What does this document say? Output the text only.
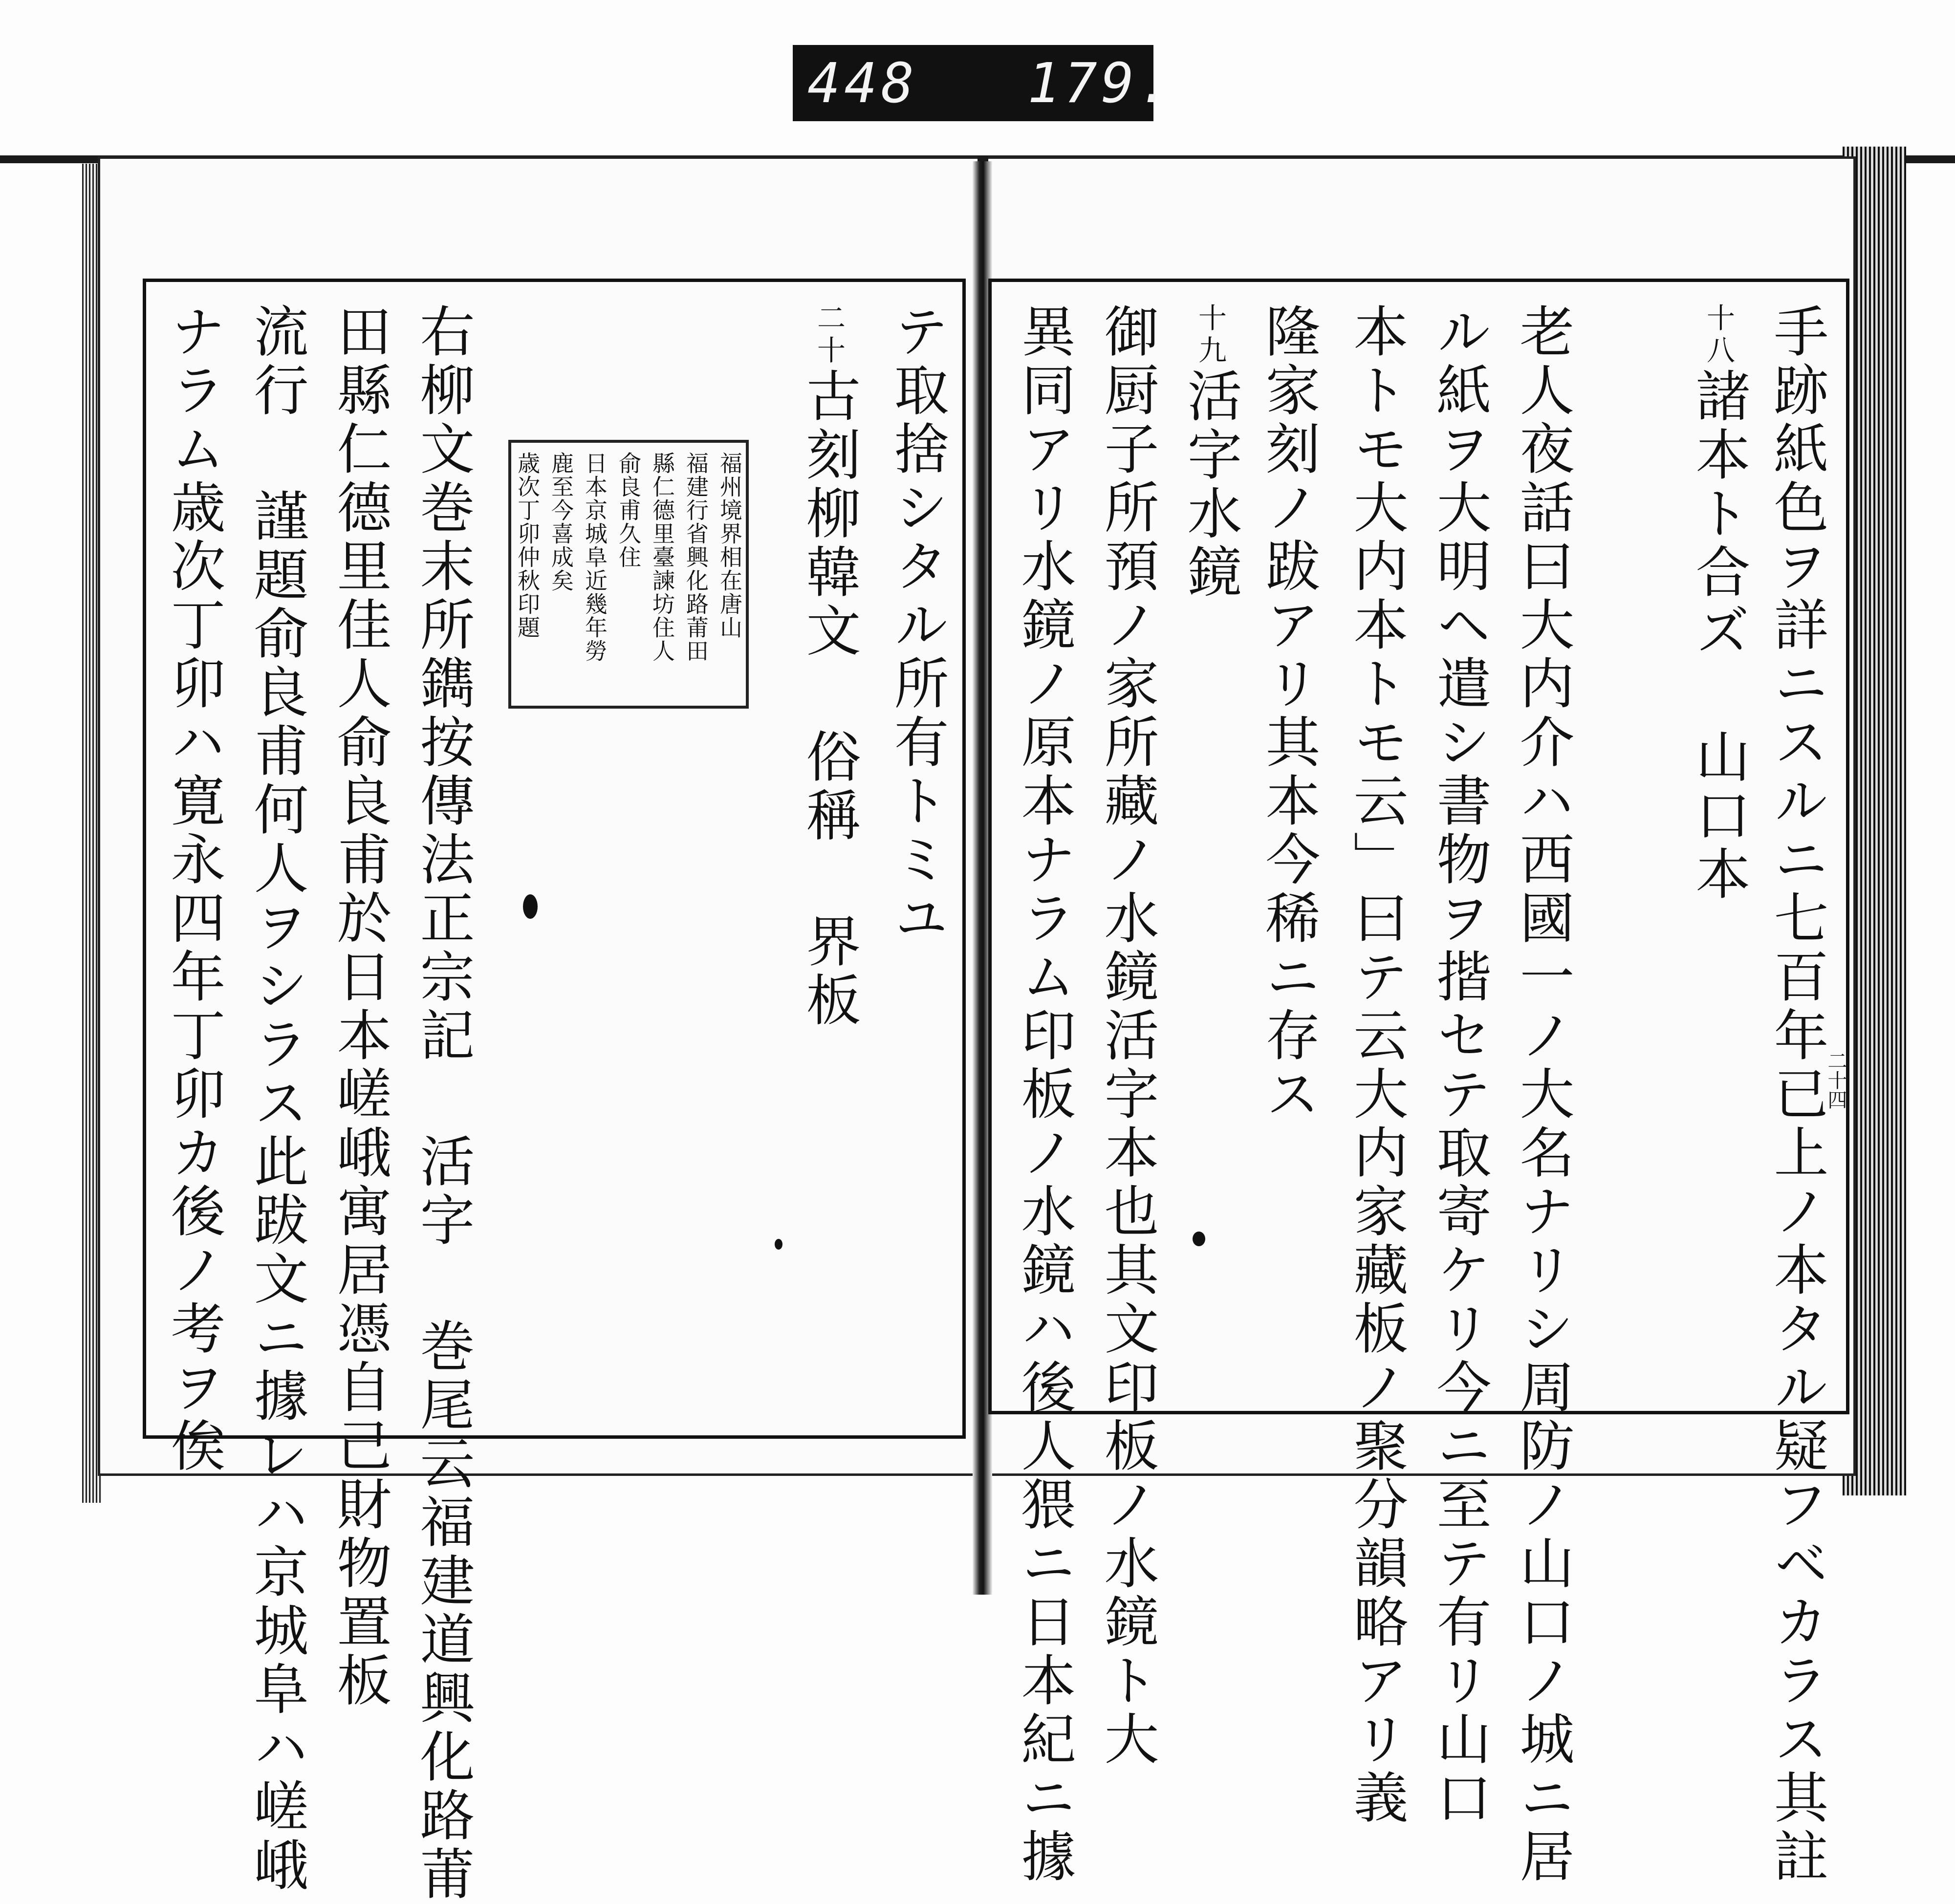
448 179.
手跡紙色ヲ詳ニスルニ七百年已上ノ本タル疑フベカラス其註
十八諸本ト合ズ 山口本
老人夜話曰大内介ハ西國一ノ大名ナリシ周防ノ山口ノ城ニ居
ル紙ヲ大明ヘ遣シ書物ヲ揩セテ取寄ケリ今ニ至テ有リ山口
本トモ大内本トモ云」曰テ云大内家藏板ノ聚分韻略アリ義
隆家刻ノ跋アリ其本今稀ニ存ス
十九活字水鏡
御厨子所預ノ家所藏ノ水鏡活字本也其文印板ノ水鏡ト大
異同アリ水鏡ノ原本ナラム印板ノ水鏡ハ後人猥ニ日本紀ニ據	二十四
テ取捨シタル所有トミユ
二十古刻柳韓文 俗稱 界板
福州境界相在唐山
福建行省興化路莆田
縣仁德里臺諫坊住人
俞良甫久住
日本京城阜近幾年勞
鹿至今喜成矣
歳次丁卯仲秋印題
右柳文巻末所鐫按傳法正宗記 活字 巻尾云福建道興化路莆
田縣仁德里佳人俞良甫於日本嵯峨寓居憑自己財物置板
流行 謹題俞良甫何人ヲシラス此跋文ニ據レハ京城阜ハ嵯峨
ナラム歳次丁卯ハ寛永四年丁卯カ後ノ考ヲ俟
